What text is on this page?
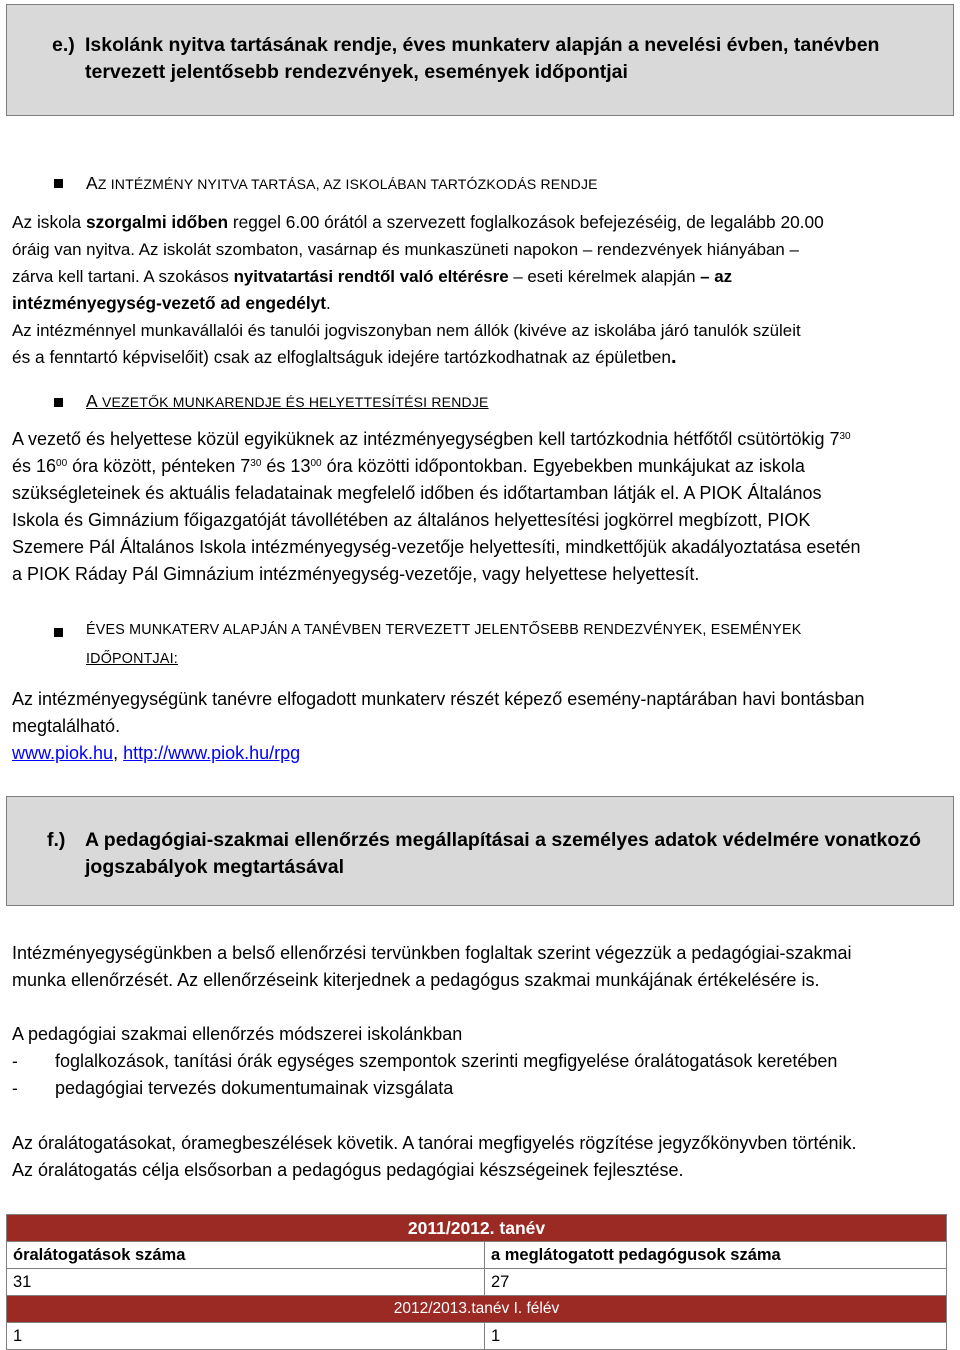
e.) Iskolánk nyitva tartásának rendje, éves munkaterv alapján a nevelési évben, tanévben
tervezett jelentősebb rendezvények, események időpontjai
AZ INTÉZMÉNY NYITVA TARTÁSA, AZ ISKOLÁBAN TARTÓZKODÁS RENDJE
Az iskola szorgalmi időben reggel 6.00 órától a szervezett foglalkozások befejezéséig, de legalább 20.00
óráig van nyitva. Az iskolát szombaton, vasárnap és munkaszüneti napokon – rendezvények hiányában –
zárva kell tartani. A szokásos nyitvatartási rendtől való eltérésre – eseti kérelmek alapján – az
intézményegység-vezető ad engedélyt.
Az intézménnyel munkavállalói és tanulói jogviszonyban nem állók (kivéve az iskolába járó tanulók szüleit
és a fenntartó képviselőit) csak az elfoglaltságuk idejére tartózkodhatnak az épületben.
A VEZETŐK MUNKARENDJE ÉS HELYETTESÍTÉSI RENDJE
A vezető és helyettese közül egyiküknek az intézményegységben kell tartózkodnia hétfőtől csütörtökig $7^{30}$
és $16^{00}$ óra között, pénteken $7^{30}$ és $13^{00}$ óra közötti időpontokban. Egyebekben munkájukat az iskola
szükségleteinek és aktuális feladatainak megfelelő időben és időtartamban látják el. A PIOK Általános
Iskola és Gimnázium főigazgatóját távollétében az általános helyettesítési jogkörrel megbízott, PIOK
Szemere Pál Általános Iskola intézményegység-vezetője helyettesíti, mindkettőjük akadályoztatása esetén
a PIOK Ráday Pál Gimnázium intézményegység-vezetője, vagy helyettese helyettesít.
ÉVES MUNKATERV ALAPJÁN A TANÉVBEN TERVEZETT JELENTŐSEBB RENDEZVÉNYEK, ESEMÉNYEK
IDŐPONTJAI:
Az intézményegységünk tanévre elfogadott munkaterv részét képező esemény-naptárában havi bontásban
megtalálható.
www.piok.hu, http://www.piok.hu/rpg
f.) A pedagógiai-szakmai ellenőrzés megállapításai a személyes adatok védelmére vonatkozó
jogszabályok megtartásával
Intézményegységünkben a belső ellenőrzési tervünkben foglaltak szerint végezzük a pedagógiai-szakmai
munka ellenőrzését. Az ellenőrzéseink kiterjednek a pedagógus szakmai munkájának értékelésére is.
A pedagógiai szakmai ellenőrzés módszerei iskolánkban
- foglalkozások, tanítási órák egységes szempontok szerinti megfigyelése óralátogatások keretében
- pedagógiai tervezés dokumentumainak vizsgálata
Az óralátogatásokat, óramegbeszélések követik. A tanórai megfigyelés rögzítése jegyzőkönyvben történik.
Az óralátogatás célja elsősorban a pedagógus pedagógiai készségeinek fejlesztése.
2011/2012. tanév	
óralátogatások száma	a meglátogatott pedagógusok száma
31	27
2012/2013.tanév I. félév	
1	1
